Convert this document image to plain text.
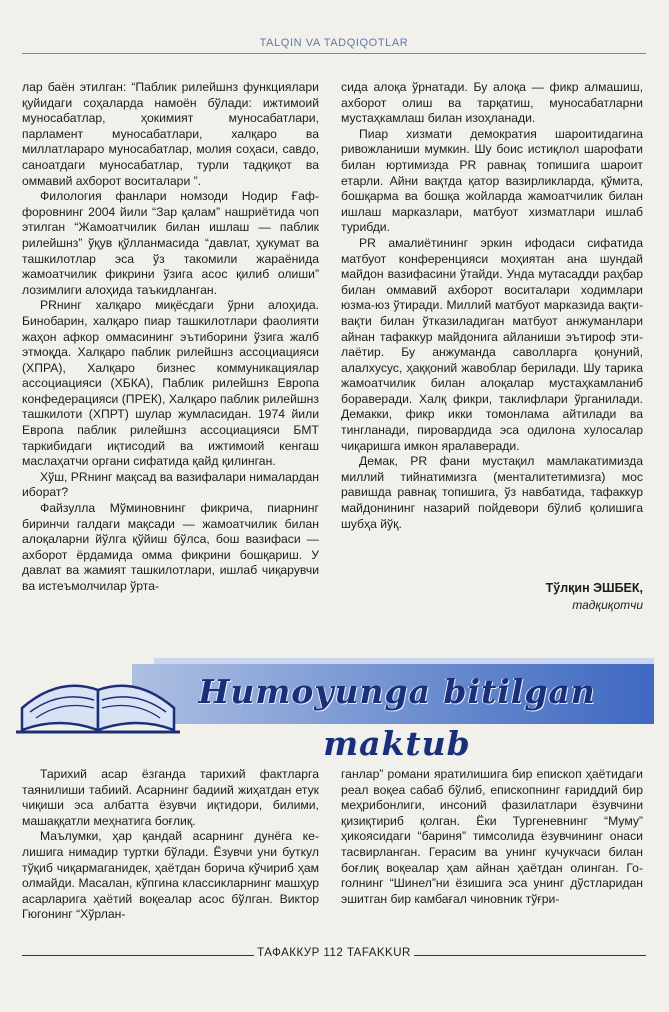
TALQIN VA TADQIQOTLAR

лар баён этилган: “Паблик рилейшнз функциялари қуйидаги соҳаларда намоён бўлади: ижтимоий муносабатлар, ҳокимият муносабатлари, парламент муносабатлари, халқаро ва миллатлараро муносабатлар, молия соҳаси, савдо, саноатдаги муносабатлар, турли тадқиқот ва оммавий ахборот воситалари ”.

Филология фанлари номзоди Нодир Ғаффоровнинг 2004 йили “Зар қалам” нашриётида чоп этилган “Жамоатчилик билан ишлаш — паблик рилейшнз” ўқув қўлланмасида “давлат, ҳукумат ва ташкилотлар эса ўз такомили жараёнида жамоатчилик фикрини ўзига асос қилиб олиши” лозимлиги алоҳида таъкидланган.

PRнинг халқаро миқёсдаги ўрни алоҳида. Бинобарин, халқаро пиар ташкилотлари фаолияти жаҳон афкор оммасининг эътиборини ўзига жалб этмоқда. Халқаро паблик рилейшнз ассоциацияси (ХПРА), Халқаро бизнес коммуникациялар ассоциацияси (ХБКА), Паблик рилейшнз Европа конфедерацияси (ПРЕК), Халқаро паблик рилейшнз ташкилоти (ХПРТ) шулар жумласидан. 1974 йили Европа паблик рилейшнз ассоциацияси БМТ таркибидаги иқтисодий ва ижтимоий кенгаш маслаҳатчи органи сифатида қайд қилинган.

Хўш, PRнинг мақсад ва вазифалари нималардан иборат?

Файзулла Мўминовнинг фикрича, пиарнинг биринчи галдаги мақсади — жамоатчилик билан алоқаларни йўлга қўйиш бўлса, бош вазифаси — ахборот ёрдамида омма фикрини бошқариш. У давлат ва жамият ташкилотлари, ишлаб чиқарувчи ва истеъмолчилар ўрта-

сида алоқа ўрнатади. Бу алоқа — фикр алмашиш, ахборот олиш ва тарқатиш, муносабатларни мустаҳкамлаш билан изоҳланади.

Пиар хизмати демократия шароитидагина ривожланиши мумкин. Шу боис истиқлол шарофати билан юртимизда PR равнақ топишига шароит етарли. Айни вақтда қатор вазирликларда, қўмита, бошқарма ва бошқа жойларда жамоатчилик билан ишлаш марказлари, матбуот хизматлари ишлаб турибди.

PR амалиётининг эркин ифодаси сифатида матбуот конференцияси моҳиятан ана шундай майдон вазифасини ўтайди. Унда мутасадди раҳбар билан оммавий ахборот воситалари ходимлари юзма-юз ўтиради. Миллий матбуот марказида вақти-вақти билан ўтказиладиган матбуот анжуманлари айнан тафаккур майдонига айланиши эътироф этилаётир. Бу анжуманда саволларга қонуний, алалхусус, ҳаққоний жавоблар берилади. Шу тарика жамоатчилик билан алоқалар мустаҳкамланиб бораверади. Халқ фикри, таклифлари ўрганилади. Демакки, фикр икки томонлама айтилади ва тингланади, пировардида эса одилона хулосалар чиқаришга имкон яралаверади.

Демак, PR фани мустақил мамлакатимизда миллий тийнатимизга (менталитетимизга) мос равишда равнақ топишига, ўз навбатида, тафаккур майдонининг назарий пойдевори бўлиб қолишига шубҳа йўқ.

Тўлқин ЭШБЕК,
тадқиқотчи
Humoyunga bitilgan maktub

Тарихий асар ёзганда тарихий фактларга таянилиши табиий. Асарнинг бадиий жиҳатдан етук чиқиши эса албатта ёзувчи иқтидори, билими, машаққатли меҳнатига боғлиқ.

Маълумки, ҳар қандай асарнинг дунёга келишига нимадир туртки бўлади. Ёзувчи уни буткул тўқиб чиқармаганидек, ҳаётдан борича кўчириб ҳам олмайди. Масалан, кўпгина классикларнинг машҳур асарларига ҳаётий воқеалар асос бўлган. Виктор Гюгонинг “Хўрлан-

ганлар” романи яратилишига бир епископ ҳаётидаги реал воқеа сабаб бўлиб, епископнинг ғариддий бир меҳрибонлиги, инсоний фазилатлари ёзувчини қизиқтириб қолган. Ёки Тургеневнинг “Муму” ҳикоясидаги “бариня” тимсолида ёзувчининг онаси тасвирланган. Герасим ва унинг кучукчаси билан боғлиқ воқеалар ҳам айнан ҳаётдан олинган. Гоголнинг “Шинел”ни ёзишига эса унинг дўстларидан эшитган бир камбағал чиновник тўғри-

ТАФАККУР 112 TAFAKKUR
